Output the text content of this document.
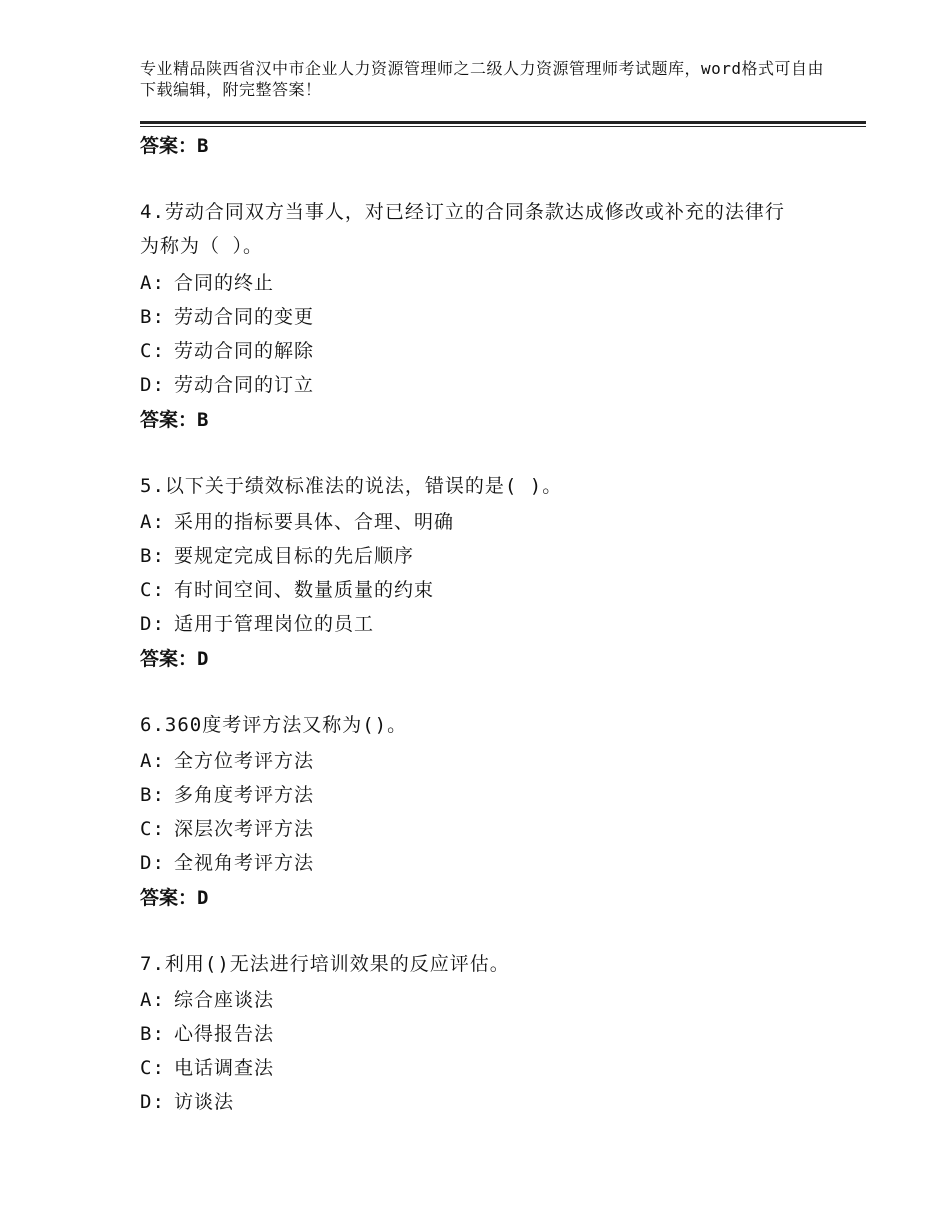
专业精品陕西省汉中市企业人力资源管理师之二级人力资源管理师考试题库，word格式可自由下载编辑，附完整答案！
答案：B
4.劳动合同双方当事人，对已经订立的合同条款达成修改或补充的法律行为称为（ ）。
A: 合同的终止
B: 劳动合同的变更
C: 劳动合同的解除
D: 劳动合同的订立
答案：B
5.以下关于绩效标准法的说法，错误的是( )。
A: 采用的指标要具体、合理、明确
B: 要规定完成目标的先后顺序
C: 有时间空间、数量质量的约束
D: 适用于管理岗位的员工
答案：D
6.360度考评方法又称为()。
A: 全方位考评方法
B: 多角度考评方法
C: 深层次考评方法
D: 全视角考评方法
答案：D
7.利用()无法进行培训效果的反应评估。
A: 综合座谈法
B: 心得报告法
C: 电话调查法
D: 访谈法
